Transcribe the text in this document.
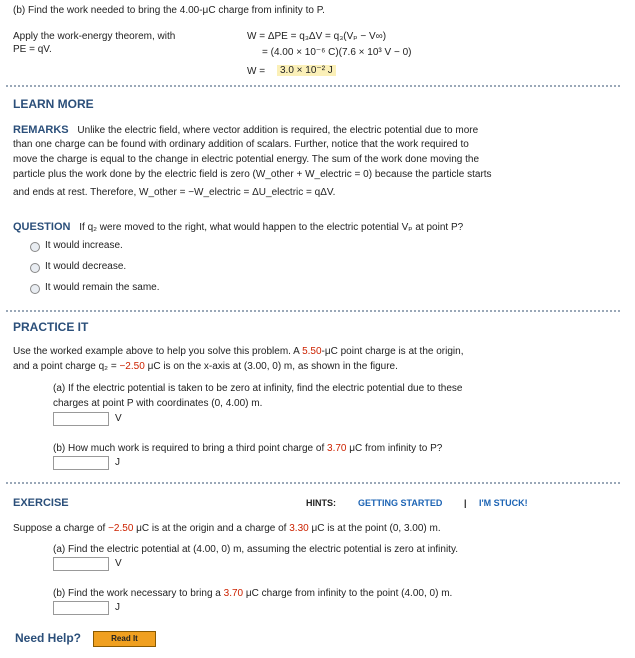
(b) Find the work needed to bring the 4.00-μC charge from infinity to P.
Apply the work-energy theorem, with
PE = qV.
W = ΔPE = q₃ΔV = q₃(Vₚ − V∞)
= (4.00 × 10⁻⁶ C)(7.6 × 10³ V − 0)
W =	3.0 × 10⁻² J
LEARN MORE
REMARKS Unlike the electric field, where vector addition is required, the electric potential due to more
than one charge can be found with ordinary addition of scalars. Further, notice that the work required to
move the charge is equal to the change in electric potential energy. The sum of the work done moving the
particle plus the work done by the electric field is zero (W_other + W_electric = 0) because the particle starts
and ends at rest. Therefore, W_other = −W_electric = ΔU_electric = qΔV.
QUESTION If q₂ were moved to the right, what would happen to the electric potential Vₚ at point P?
It would increase.
It would decrease.
It would remain the same.
PRACTICE IT
Use the worked example above to help you solve this problem. A 5.50-μC point charge is at the origin,
and a point charge q₂ = −2.50 μC is on the x-axis at (3.00, 0) m, as shown in the figure.
(a) If the electric potential is taken to be zero at infinity, find the electric potential due to these
charges at point P with coordinates (0, 4.00) m.
V
(b) How much work is required to bring a third point charge of 3.70 μC from infinity to P?
J
EXERCISE	HINTS: GETTING STARTED | I'M STUCK!
Suppose a charge of −2.50 μC is at the origin and a charge of 3.30 μC is at the point (0, 3.00) m.
(a) Find the electric potential at (4.00, 0) m, assuming the electric potential is zero at infinity.
V
(b) Find the work necessary to bring a 3.70 μC charge from infinity to the point (4.00, 0) m.
J
Need Help?	Read It
